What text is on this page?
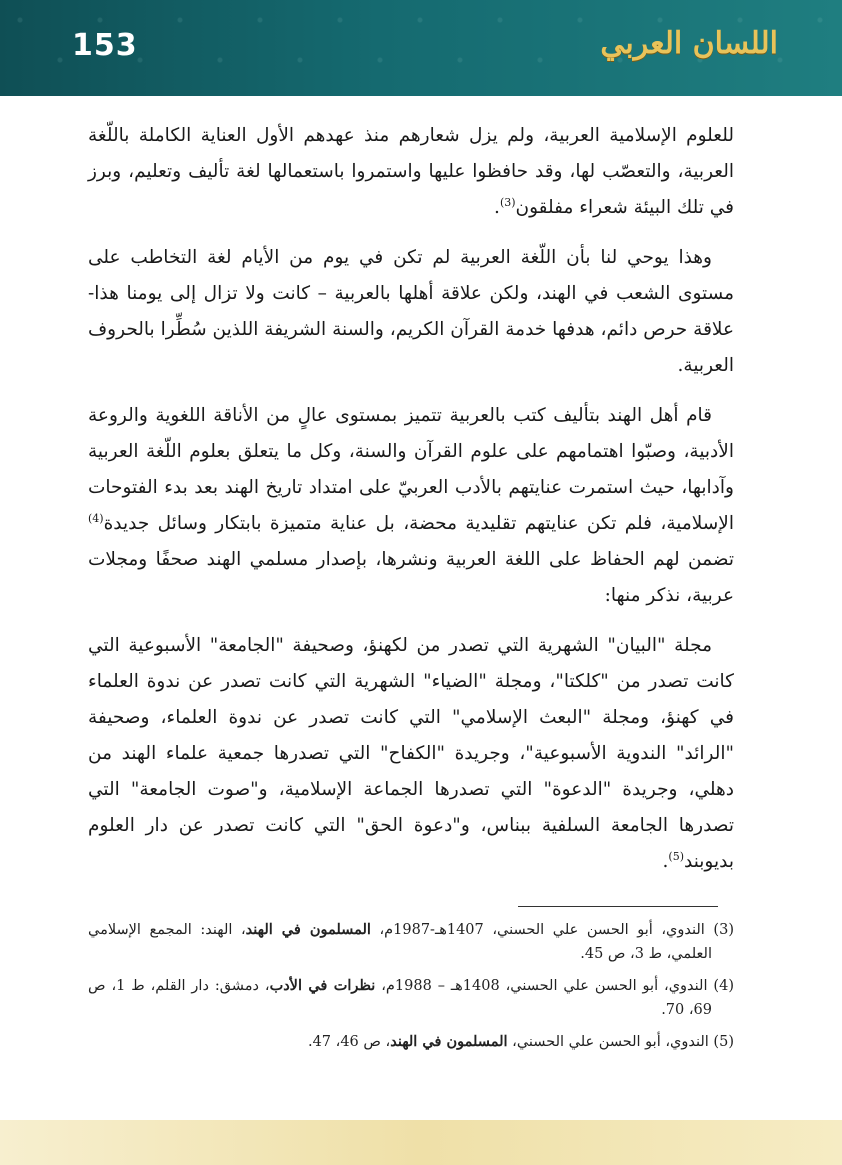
153	اللسان العربي

للعلوم الإسلامية العربية، ولم يزل شعارهم منذ عهدهم الأول العناية الكاملة باللّغة العربية، والتعصّب لها، وقد حافظوا عليها واستمروا باستعمالها لغة تأليف وتعليم، وبرز في تلك البيئة شعراء مفلقون$^{(3)}$.

وهذا يوحي لنا بأن اللّغة العربية لم تكن في يوم من الأيام لغة التخاطب على مستوى الشعب في الهند، ولكن علاقة أهلها بالعربية – كانت ولا تزال إلى يومنا هذا- علاقة حرص دائم، هدفها خدمة القرآن الكريم، والسنة الشريفة اللذين سُطِّرا بالحروف العربية.

قام أهل الهند بتأليف كتب بالعربية تتميز بمستوى عالٍ من الأناقة اللغوية والروعة الأدبية، وصبّوا اهتمامهم على علوم القرآن والسنة، وكل ما يتعلق بعلوم اللّغة العربية وآدابها، حيث استمرت عنايتهم بالأدب العربيّ على امتداد تاريخ الهند بعد بدء الفتوحات الإسلامية، فلم تكن عنايتهم تقليدية محضة، بل عناية متميزة بابتكار وسائل جديدة$^{(4)}$ تضمن لهم الحفاظ على اللغة العربية ونشرها، بإصدار مسلمي الهند صحفًا ومجلات عربية، نذكر منها:

مجلة "البيان" الشهرية التي تصدر من لكهنؤ، وصحيفة "الجامعة" الأسبوعية التي كانت تصدر من "كلكتا"، ومجلة "الضياء" الشهرية التي كانت تصدر عن ندوة العلماء في كهنؤ، ومجلة "البعث الإسلامي" التي كانت تصدر عن ندوة العلماء، وصحيفة "الرائد" الندوية الأسبوعية"، وجريدة "الكفاح" التي تصدرها جمعية علماء الهند من دهلي، وجريدة "الدعوة" التي تصدرها الجماعة الإسلامية، و"صوت الجامعة" التي تصدرها الجامعة السلفية ببناس، و"دعوة الحق" التي كانت تصدر عن دار العلوم بديوبند$^{(5)}$.

(3) الندوي، أبو الحسن علي الحسني، 1407هـ-1987م، المسلمون في الهند، الهند: المجمع الإسلامي العلمي، ط 3، ص 45.
(4) الندوي، أبو الحسن علي الحسني، 1408هـ – 1988م، نظرات في الأدب، دمشق: دار القلم، ط 1، ص 69، 70.
(5) الندوي، أبو الحسن علي الحسني، المسلمون في الهند، ص 46، 47.
